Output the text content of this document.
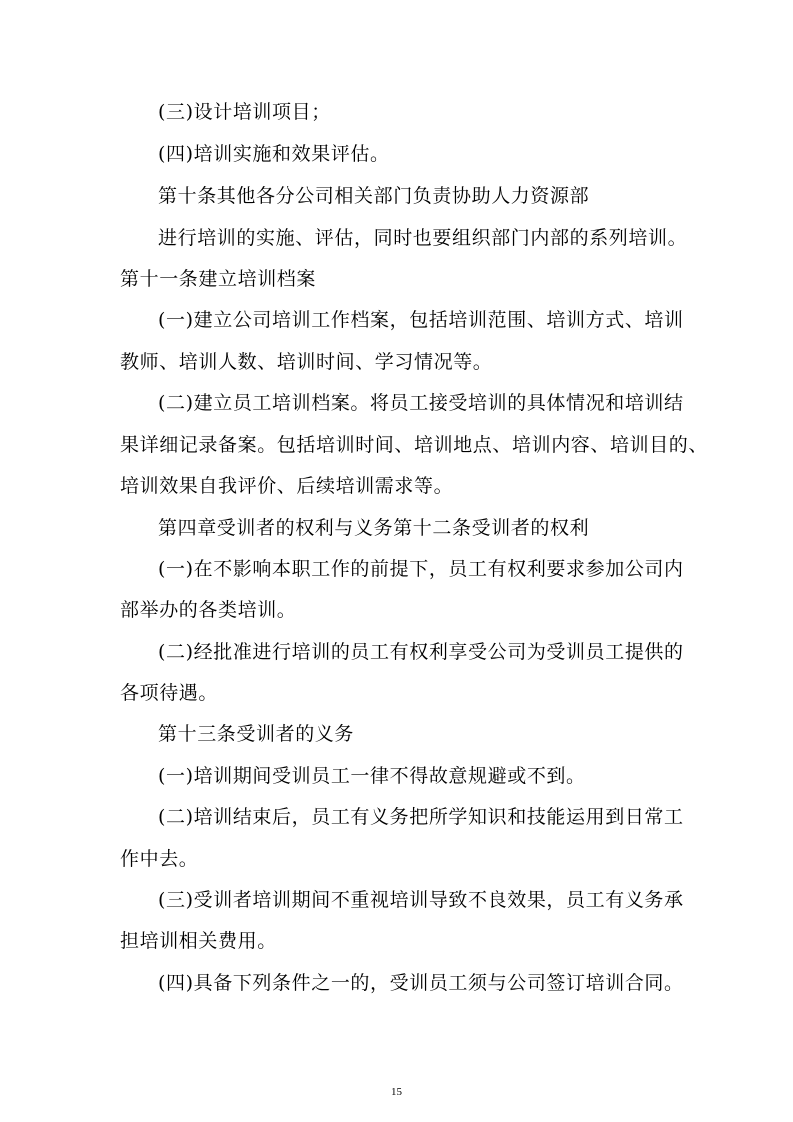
(三)设计培训项目；
(四)培训实施和效果评估。
第十条其他各分公司相关部门负责协助人力资源部
进行培训的实施、评估，同时也要组织部门内部的系列培训。
第十一条建立培训档案
(一)建立公司培训工作档案，包括培训范围、培训方式、培训
教师、培训人数、培训时间、学习情况等。
(二)建立员工培训档案。将员工接受培训的具体情况和培训结
果详细记录备案。包括培训时间、培训地点、培训内容、培训目的、
培训效果自我评价、后续培训需求等。
第四章受训者的权利与义务第十二条受训者的权利
(一)在不影响本职工作的前提下，员工有权利要求参加公司内
部举办的各类培训。
(二)经批准进行培训的员工有权利享受公司为受训员工提供的
各项待遇。
第十三条受训者的义务
(一)培训期间受训员工一律不得故意规避或不到。
(二)培训结束后，员工有义务把所学知识和技能运用到日常工
作中去。
(三)受训者培训期间不重视培训导致不良效果，员工有义务承
担培训相关费用。
(四)具备下列条件之一的，受训员工须与公司签订培训合同。
15
